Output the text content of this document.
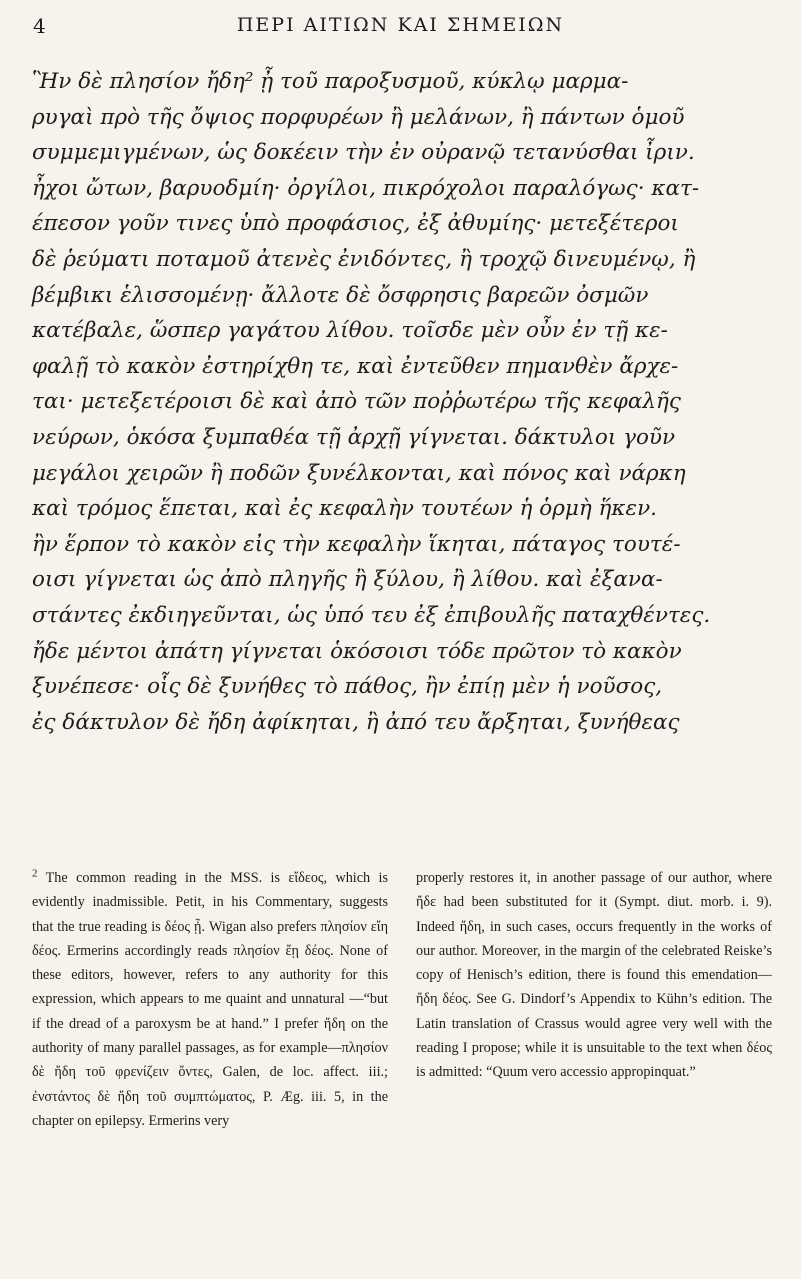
4	ΠΕΡΙ ΑΙΤΙΩΝ ΚΑΙ ΣΗΜΕΙΩΝ
Ἣν δὲ πλησίον ἤδη² ᾖ τοῦ παροξυσμοῦ, κύκλῳ μαρμα-
ρυγαὶ πρὸ τῆς ὄψιος πορφυρέων ἢ μελάνων, ἢ πάντων ὁμοῦ
συμμεμιγμένων, ὡς δοκέειν τὴν ἐν οὐρανῷ τετανύσθαι ἶριν.
ἦχοι ὤτων, βαρυοδμίη· ὀργίλοι, πικρόχολοι παραλόγως· κατ-
έπεσον γοῦν τινες ὑπὸ προφάσιος, ἐξ ἀθυμίης· μετεξέτεροι
δὲ ῥεύματι ποταμοῦ ἀτενὲς ἐνιδόντες, ἢ τροχῷ δινευμένῳ, ἢ
βέμβικι ἑλισσομένῃ· ἄλλοτε δὲ ὄσφρησις βαρεῶν ὀσμῶν
κατέβαλε, ὥσπερ γαγάτου λίθου. τοῖσδε μὲν οὖν ἐν τῇ κε-
φαλῇ τὸ κακὸν ἐστηρίχθη τε, καὶ ἐντεῦθεν πημανθὲν ἄρχε-
ται· μετεξετέροισι δὲ καὶ ἀπὸ τῶν ποῤῥωτέρω τῆς κεφαλῆς
νεύρων, ὁκόσα ξυμπαθέα τῇ ἀρχῇ γίγνεται. δάκτυλοι γοῦν
μεγάλοι χειρῶν ἢ ποδῶν ξυνέλκονται, καὶ πόνος καὶ νάρκη
καὶ τρόμος ἕπεται, καὶ ἐς κεφαλὴν τουτέων ἡ ὁρμὴ ἥκεν.
ἢν ἕρπον τὸ κακὸν εἰς τὴν κεφαλὴν ἵκηται, πάταγος τουτέ-
οισι γίγνεται ὡς ἀπὸ πληγῆς ἢ ξύλου, ἢ λίθου. καὶ ἐξανα-
στάντες ἐκδιηγεῦνται, ὡς ὑπό τευ ἐξ ἐπιβουλῆς παταχθέντες.
ἤδε μέντοι ἀπάτη γίγνεται ὁκόσοισι τόδε πρῶτον τὸ κακὸν
ξυνέπεσε· οἷς δὲ ξυνήθες τὸ πάθος, ἢν ἐπίῃ μὲν ἡ νοῦσος,
ἐς δάκτυλον δὲ ἤδη ἀφίκηται, ἢ ἀπό τευ ἄρξηται, ξυνήθεας
$^2$ The common reading in the MSS. is εἴδεος, which is evidently inadmissible. Petit, in his Commentary, suggests that the true reading is δέος ᾖ. Wigan also prefers πλησίον εἴη δέος. Ermerins accordingly reads πλησίον ἔῃ δέος. None of these editors, however, refers to any authority for this expression, which appears to me quaint and unnatural —“but if the dread of a paroxysm be at hand.” I prefer ἤδη on the authority of many parallel passages, as for example—πλησίον δὲ ἤδη τοῦ φρενίζειν ὄντες, Galen, de loc. affect. iii.; ἐνστάντος δὲ ἤδη τοῦ συμπτώματος, P. Æg. iii. 5, in the chapter on epilepsy. Ermerins very
properly restores it, in another passage of our author, where ἤδε had been substituted for it (Sympt. diut. morb. i. 9). Indeed ἤδη, in such cases, occurs frequently in the works of our author. Moreover, in the margin of the celebrated Reiske’s copy of Henisch’s edition, there is found this emendation—ἤδη δέος. See G. Dindorf’s Appendix to Kühn’s edition. The Latin translation of Crassus would agree very well with the reading I propose; while it is unsuitable to the text when δέος is admitted: “Quum vero accessio appropinquat.”
